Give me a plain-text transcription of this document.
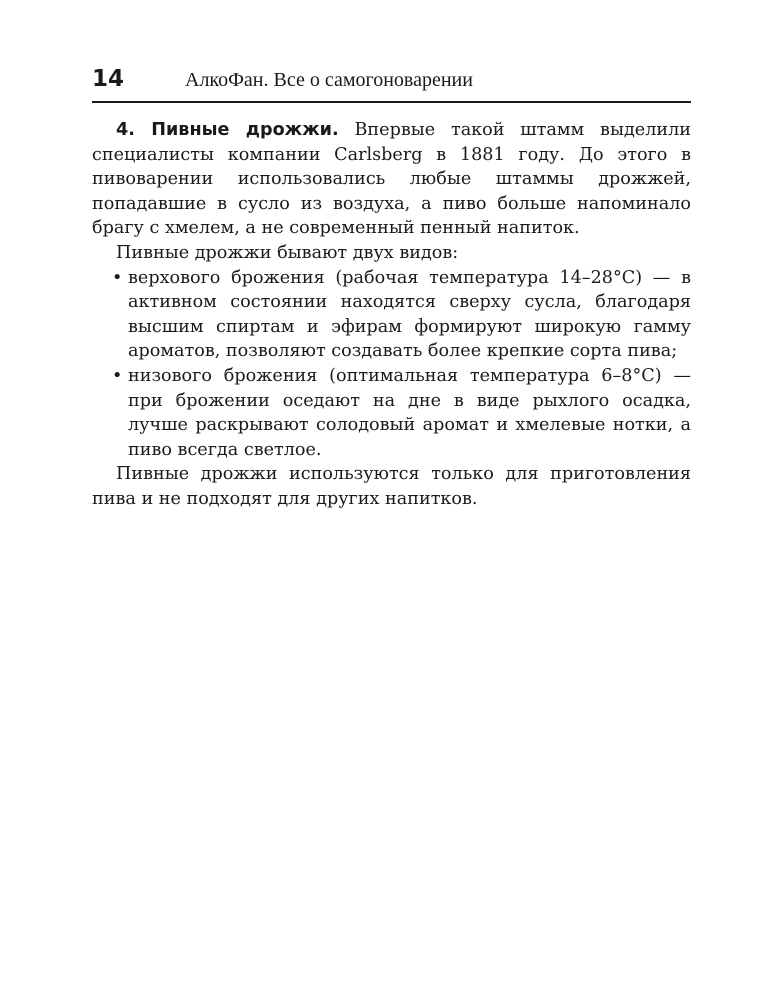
14	АлкоФан. Все о самогоноварении

4. Пивные дрожжи. Впервые такой штамм выделили специалисты компании Carlsberg в 1881 году. До этого в пивоварении использовались любые штаммы дрожжей, попадавшие в сусло из воздуха, а пиво больше напоминало брагу с хмелем, а не современный пенный напиток.

Пивные дрожжи бывают двух видов:

• верхового брожения (рабочая температура 14–28°C) — в активном состоянии находятся сверху сусла, благодаря высшим спиртам и эфирам формируют широкую гамму ароматов, позволяют создавать более крепкие сорта пива;
• низового брожения (оптимальная температура 6–8°C) — при брожении оседают на дне в виде рыхлого осадка, лучше раскрывают солодовый аромат и хмелевые нотки, а пиво всегда светлое.

Пивные дрожжи используются только для приготовления пива и не подходят для других напитков.
